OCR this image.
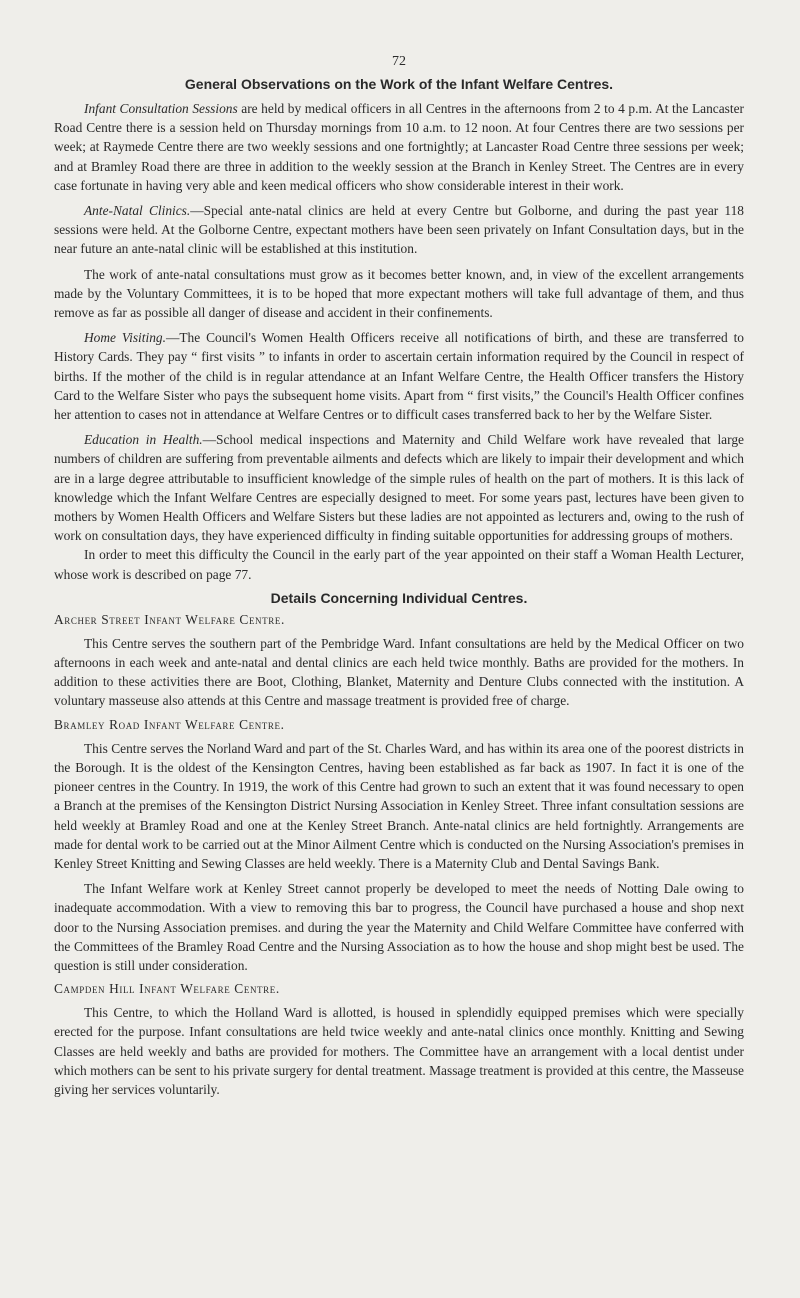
72
General Observations on the Work of the Infant Welfare Centres.

Infant Consultation Sessions are held by medical officers in all Centres in the afternoons from 2 to 4 p.m. At the Lancaster Road Centre there is a session held on Thursday mornings from 10 a.m. to 12 noon. At four Centres there are two sessions per week; at Raymede Centre there are two weekly sessions and one fortnightly; at Lancaster Road Centre three sessions per week; and at Bramley Road there are three in addition to the weekly session at the Branch in Kenley Street. The Centres are in every case fortunate in having very able and keen medical officers who show considerable interest in their work.

Ante-Natal Clinics.—Special ante-natal clinics are held at every Centre but Golborne, and during the past year 118 sessions were held. At the Golborne Centre, expectant mothers have been seen privately on Infant Consultation days, but in the near future an ante-natal clinic will be established at this institution.

The work of ante-natal consultations must grow as it becomes better known, and, in view of the excellent arrangements made by the Voluntary Committees, it is to be hoped that more expectant mothers will take full advantage of them, and thus remove as far as possible all danger of disease and accident in their confinements.

Home Visiting.—The Council's Women Health Officers receive all notifications of birth, and these are transferred to History Cards. They pay “ first visits ” to infants in order to ascertain certain information required by the Council in respect of births. If the mother of the child is in regular attendance at an Infant Welfare Centre, the Health Officer transfers the History Card to the Welfare Sister who pays the subsequent home visits. Apart from “ first visits,” the Council's Health Officer confines her attention to cases not in attendance at Welfare Centres or to difficult cases transferred back to her by the Welfare Sister.

Education in Health.—School medical inspections and Maternity and Child Welfare work have revealed that large numbers of children are suffering from preventable ailments and defects which are likely to impair their development and which are in a large degree attributable to insufficient knowledge of the simple rules of health on the part of mothers. It is this lack of knowledge which the Infant Welfare Centres are especially designed to meet. For some years past, lectures have been given to mothers by Women Health Officers and Welfare Sisters but these ladies are not appointed as lecturers and, owing to the rush of work on consultation days, they have experienced difficulty in finding suitable opportunities for addressing groups of mothers.

In order to meet this difficulty the Council in the early part of the year appointed on their staff a Woman Health Lecturer, whose work is described on page 77.

Details Concerning Individual Centres.
Archer Street Infant Welfare Centre.

This Centre serves the southern part of the Pembridge Ward. Infant consultations are held by the Medical Officer on two afternoons in each week and ante-natal and dental clinics are each held twice monthly. Baths are provided for the mothers. In addition to these activities there are Boot, Clothing, Blanket, Maternity and Denture Clubs connected with the institution. A voluntary masseuse also attends at this Centre and massage treatment is provided free of charge.

Bramley Road Infant Welfare Centre.

This Centre serves the Norland Ward and part of the St. Charles Ward, and has within its area one of the poorest districts in the Borough. It is the oldest of the Kensington Centres, having been established as far back as 1907. In fact it is one of the pioneer centres in the Country. In 1919, the work of this Centre had grown to such an extent that it was found necessary to open a Branch at the premises of the Kensington District Nursing Association in Kenley Street. Three infant consultation sessions are held weekly at Bramley Road and one at the Kenley Street Branch. Ante-natal clinics are held fortnightly. Arrangements are made for dental work to be carried out at the Minor Ailment Centre which is conducted on the Nursing Association's premises in Kenley Street Knitting and Sewing Classes are held weekly. There is a Maternity Club and Dental Savings Bank.

The Infant Welfare work at Kenley Street cannot properly be developed to meet the needs of Notting Dale owing to inadequate accommodation. With a view to removing this bar to progress, the Council have purchased a house and shop next door to the Nursing Association premises. and during the year the Maternity and Child Welfare Committee have conferred with the Committees of the Bramley Road Centre and the Nursing Association as to how the house and shop might best be used. The question is still under consideration.

Campden Hill Infant Welfare Centre.

This Centre, to which the Holland Ward is allotted, is housed in splendidly equipped premises which were specially erected for the purpose. Infant consultations are held twice weekly and ante-natal clinics once monthly. Knitting and Sewing Classes are held weekly and baths are provided for mothers. The Committee have an arrangement with a local dentist under which mothers can be sent to his private surgery for dental treatment. Massage treatment is provided at this centre, the Masseuse giving her services voluntarily.
